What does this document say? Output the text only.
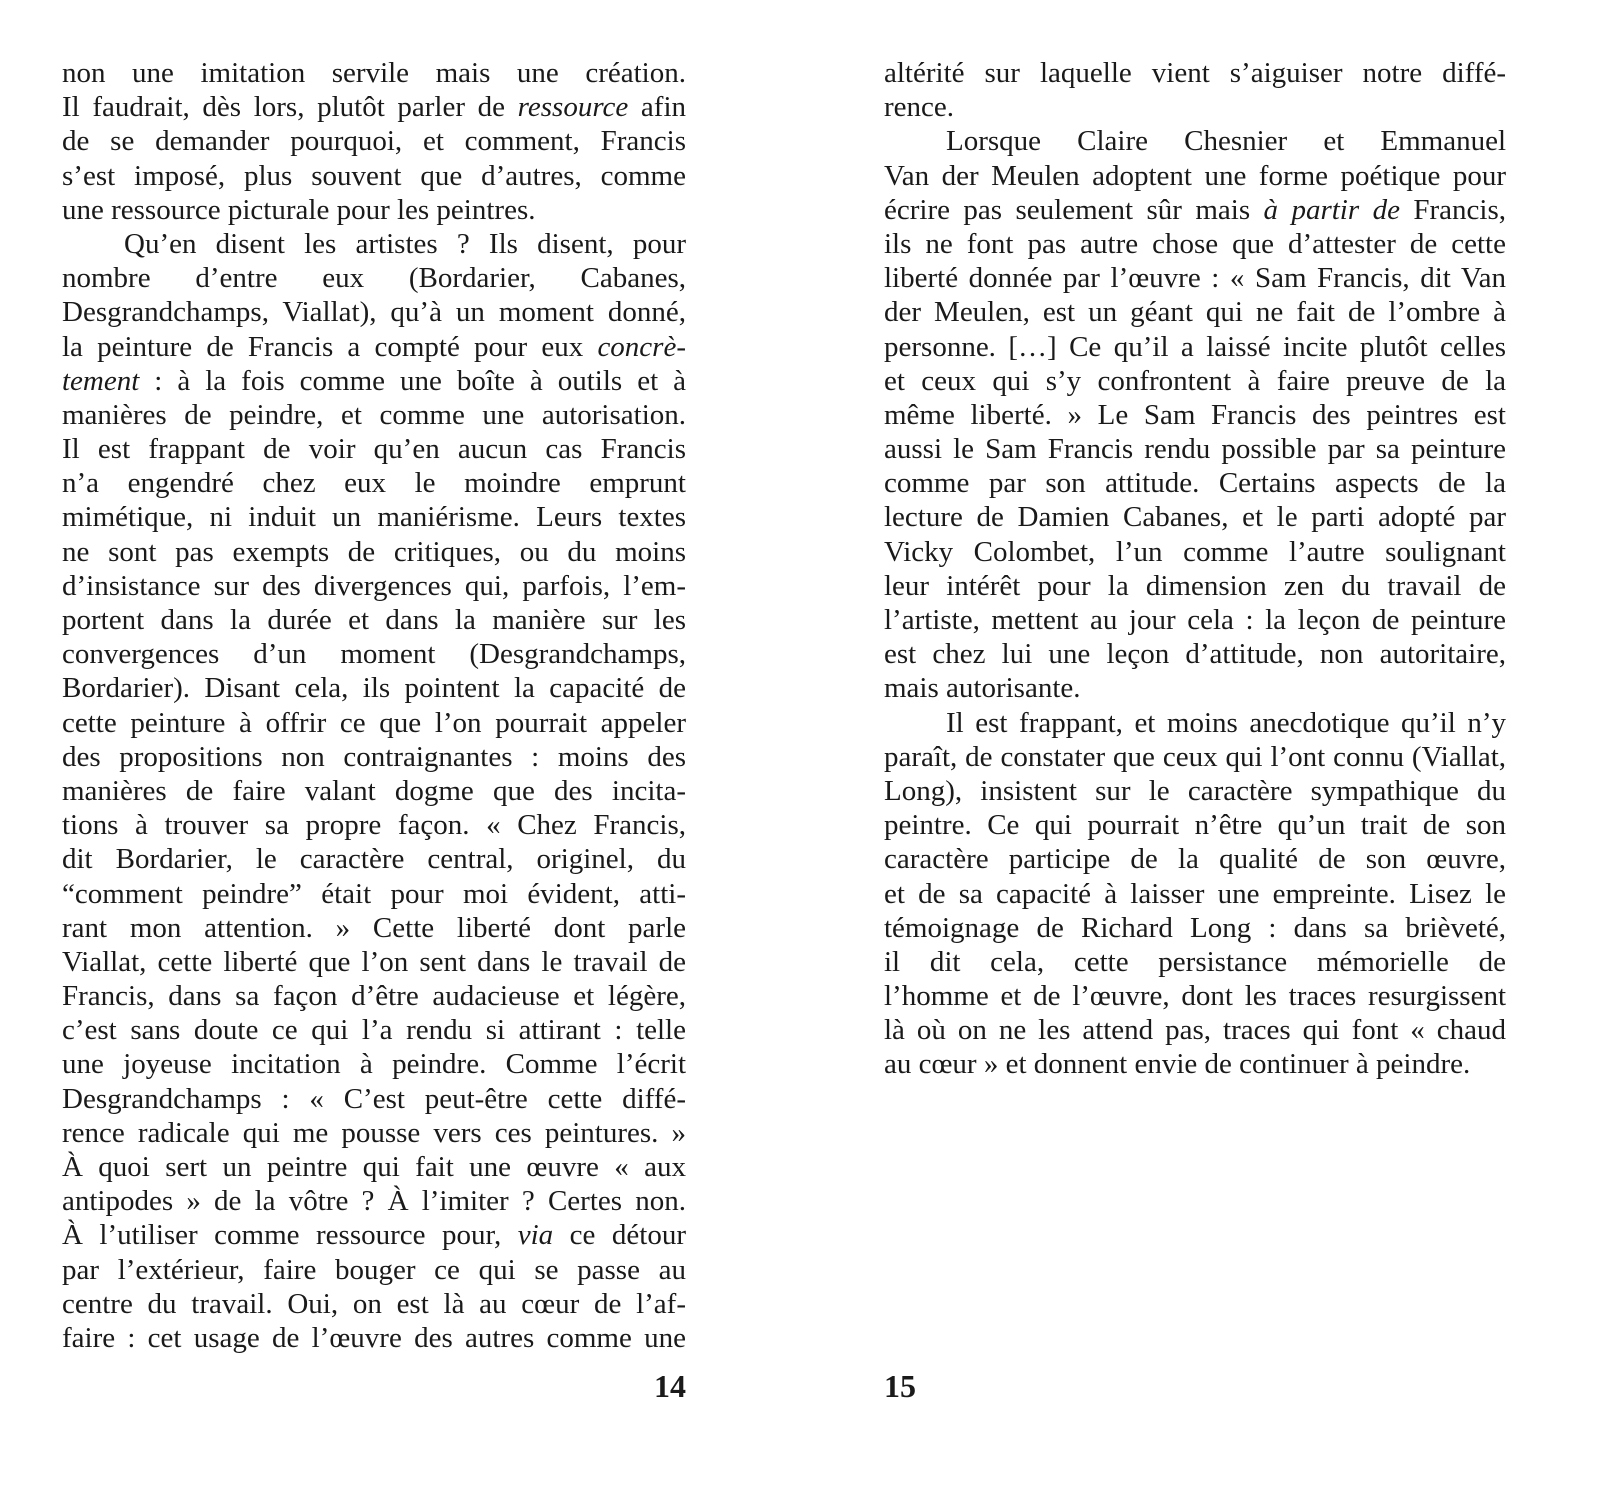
non une imitation servile mais une création.
Il faudrait, dès lors, plutôt parler de ressource afin
de se demander pourquoi, et comment, Francis
s’est imposé, plus souvent que d’autres, comme
une ressource picturale pour les peintres.
Qu’en disent les artistes ? Ils disent, pour
nombre d’entre eux (Bordarier, Cabanes,
Desgrandchamps, Viallat), qu’à un moment donné,
la peinture de Francis a compté pour eux concrè-
tement : à la fois comme une boîte à outils et à
manières de peindre, et comme une autorisation.
Il est frappant de voir qu’en aucun cas Francis
n’a engendré chez eux le moindre emprunt
mimétique, ni induit un maniérisme. Leurs textes
ne sont pas exempts de critiques, ou du moins
d’insistance sur des divergences qui, parfois, l’em-
portent dans la durée et dans la manière sur les
convergences d’un moment (Desgrandchamps,
Bordarier). Disant cela, ils pointent la capacité de
cette peinture à offrir ce que l’on pourrait appeler
des propositions non contraignantes : moins des
manières de faire valant dogme que des incita-
tions à trouver sa propre façon. « Chez Francis,
dit Bordarier, le caractère central, originel, du
“comment peindre” était pour moi évident, atti-
rant mon attention. » Cette liberté dont parle
Viallat, cette liberté que l’on sent dans le travail de
Francis, dans sa façon d’être audacieuse et légère,
c’est sans doute ce qui l’a rendu si attirant : telle
une joyeuse incitation à peindre. Comme l’écrit
Desgrandchamps : « C’est peut-être cette diffé-
rence radicale qui me pousse vers ces peintures. »
À quoi sert un peintre qui fait une œuvre « aux
antipodes » de la vôtre ? À l’imiter ? Certes non.
À l’utiliser comme ressource pour, via ce détour
par l’extérieur, faire bouger ce qui se passe au
centre du travail. Oui, on est là au cœur de l’af-
faire : cet usage de l’œuvre des autres comme une
altérité sur laquelle vient s’aiguiser notre diffé-
rence.
Lorsque Claire Chesnier et Emmanuel
Van der Meulen adoptent une forme poétique pour
écrire pas seulement sûr mais à partir de Francis,
ils ne font pas autre chose que d’attester de cette
liberté donnée par l’œuvre : « Sam Francis, dit Van
der Meulen, est un géant qui ne fait de l’ombre à
personne. […] Ce qu’il a laissé incite plutôt celles
et ceux qui s’y confrontent à faire preuve de la
même liberté. » Le Sam Francis des peintres est
aussi le Sam Francis rendu possible par sa peinture
comme par son attitude. Certains aspects de la
lecture de Damien Cabanes, et le parti adopté par
Vicky Colombet, l’un comme l’autre soulignant
leur intérêt pour la dimension zen du travail de
l’artiste, mettent au jour cela : la leçon de peinture
est chez lui une leçon d’attitude, non autoritaire,
mais autorisante.
Il est frappant, et moins anecdotique qu’il n’y
paraît, de constater que ceux qui l’ont connu (Viallat,
Long), insistent sur le caractère sympathique du
peintre. Ce qui pourrait n’être qu’un trait de son
caractère participe de la qualité de son œuvre,
et de sa capacité à laisser une empreinte. Lisez le
témoignage de Richard Long : dans sa brièveté,
il dit cela, cette persistance mémorielle de
l’homme et de l’œuvre, dont les traces resurgissent
là où on ne les attend pas, traces qui font « chaud
au cœur » et donnent envie de continuer à peindre.
14	15
